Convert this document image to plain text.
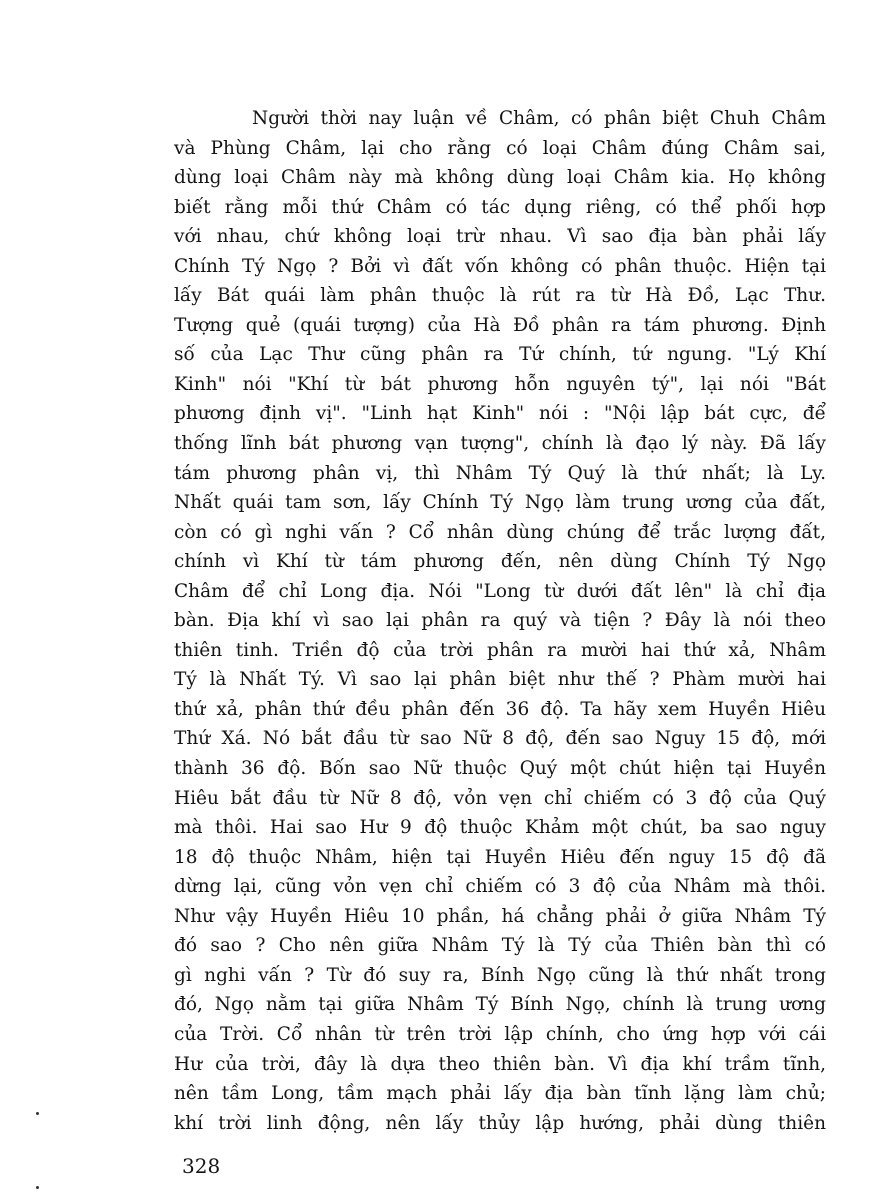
Người thời nay luận về Châm, có phân biệt Chuh Châm
và Phùng Châm, lại cho rằng có loại Châm đúng Châm sai,
dùng loại Châm này mà không dùng loại Châm kia. Họ không
biết rằng mỗi thứ Châm có tác dụng riêng, có thể phối hợp
với nhau, chứ không loại trừ nhau. Vì sao địa bàn phải lấy
Chính Tý Ngọ ? Bởi vì đất vốn không có phân thuộc. Hiện tại
lấy Bát quái làm phân thuộc là rút ra từ Hà Đồ, Lạc Thư.
Tượng quẻ (quái tượng) của Hà Đồ phân ra tám phương. Định
số của Lạc Thư cũng phân ra Tứ chính, tứ ngung. "Lý Khí
Kinh" nói "Khí từ bát phương hỗn nguyên tý", lại nói "Bát
phương định vị". "Linh hạt Kinh" nói : "Nội lập bát cực, để
thống lĩnh bát phương vạn tượng", chính là đạo lý này. Đã lấy
tám phương phân vị, thì Nhâm Tý Quý là thứ nhất; là Ly.
Nhất quái tam sơn, lấy Chính Tý Ngọ làm trung ương của đất,
còn có gì nghi vấn ? Cổ nhân dùng chúng để trắc lượng đất,
chính vì Khí từ tám phương đến, nên dùng Chính Tý Ngọ
Châm để chỉ Long địa. Nói "Long từ dưới đất lên" là chỉ địa
bàn. Địa khí vì sao lại phân ra quý và tiện ? Đây là nói theo
thiên tinh. Triền độ của trời phân ra mười hai thứ xả, Nhâm
Tý là Nhất Tý. Vì sao lại phân biệt như thế ? Phàm mười hai
thứ xả, phân thứ đều phân đến 36 độ. Ta hãy xem Huyền Hiêu
Thứ Xá. Nó bắt đầu từ sao Nữ 8 độ, đến sao Nguy 15 độ, mới
thành 36 độ. Bốn sao Nữ thuộc Quý một chút hiện tại Huyền
Hiêu bắt đầu từ Nữ 8 độ, vỏn vẹn chỉ chiếm có 3 độ của Quý
mà thôi. Hai sao Hư 9 độ thuộc Khảm một chút, ba sao nguy
18 độ thuộc Nhâm, hiện tại Huyền Hiêu đến nguy 15 độ đã
dừng lại, cũng vỏn vẹn chỉ chiếm có 3 độ của Nhâm mà thôi.
Như vậy Huyền Hiêu 10 phần, há chẳng phải ở giữa Nhâm Tý
đó sao ? Cho nên giữa Nhâm Tý là Tý của Thiên bàn thì có
gì nghi vấn ? Từ đó suy ra, Bính Ngọ cũng là thứ nhất trong
đó, Ngọ nằm tại giữa Nhâm Tý Bính Ngọ, chính là trung ương
của Trời. Cổ nhân từ trên trời lập chính, cho ứng hợp với cái
Hư của trời, đây là dựa theo thiên bàn. Vì địa khí trầm tĩnh,
nên tầm Long, tầm mạch phải lấy địa bàn tĩnh lặng làm chủ;
khí trời linh động, nên lấy thủy lập hướng, phải dùng thiên
328
